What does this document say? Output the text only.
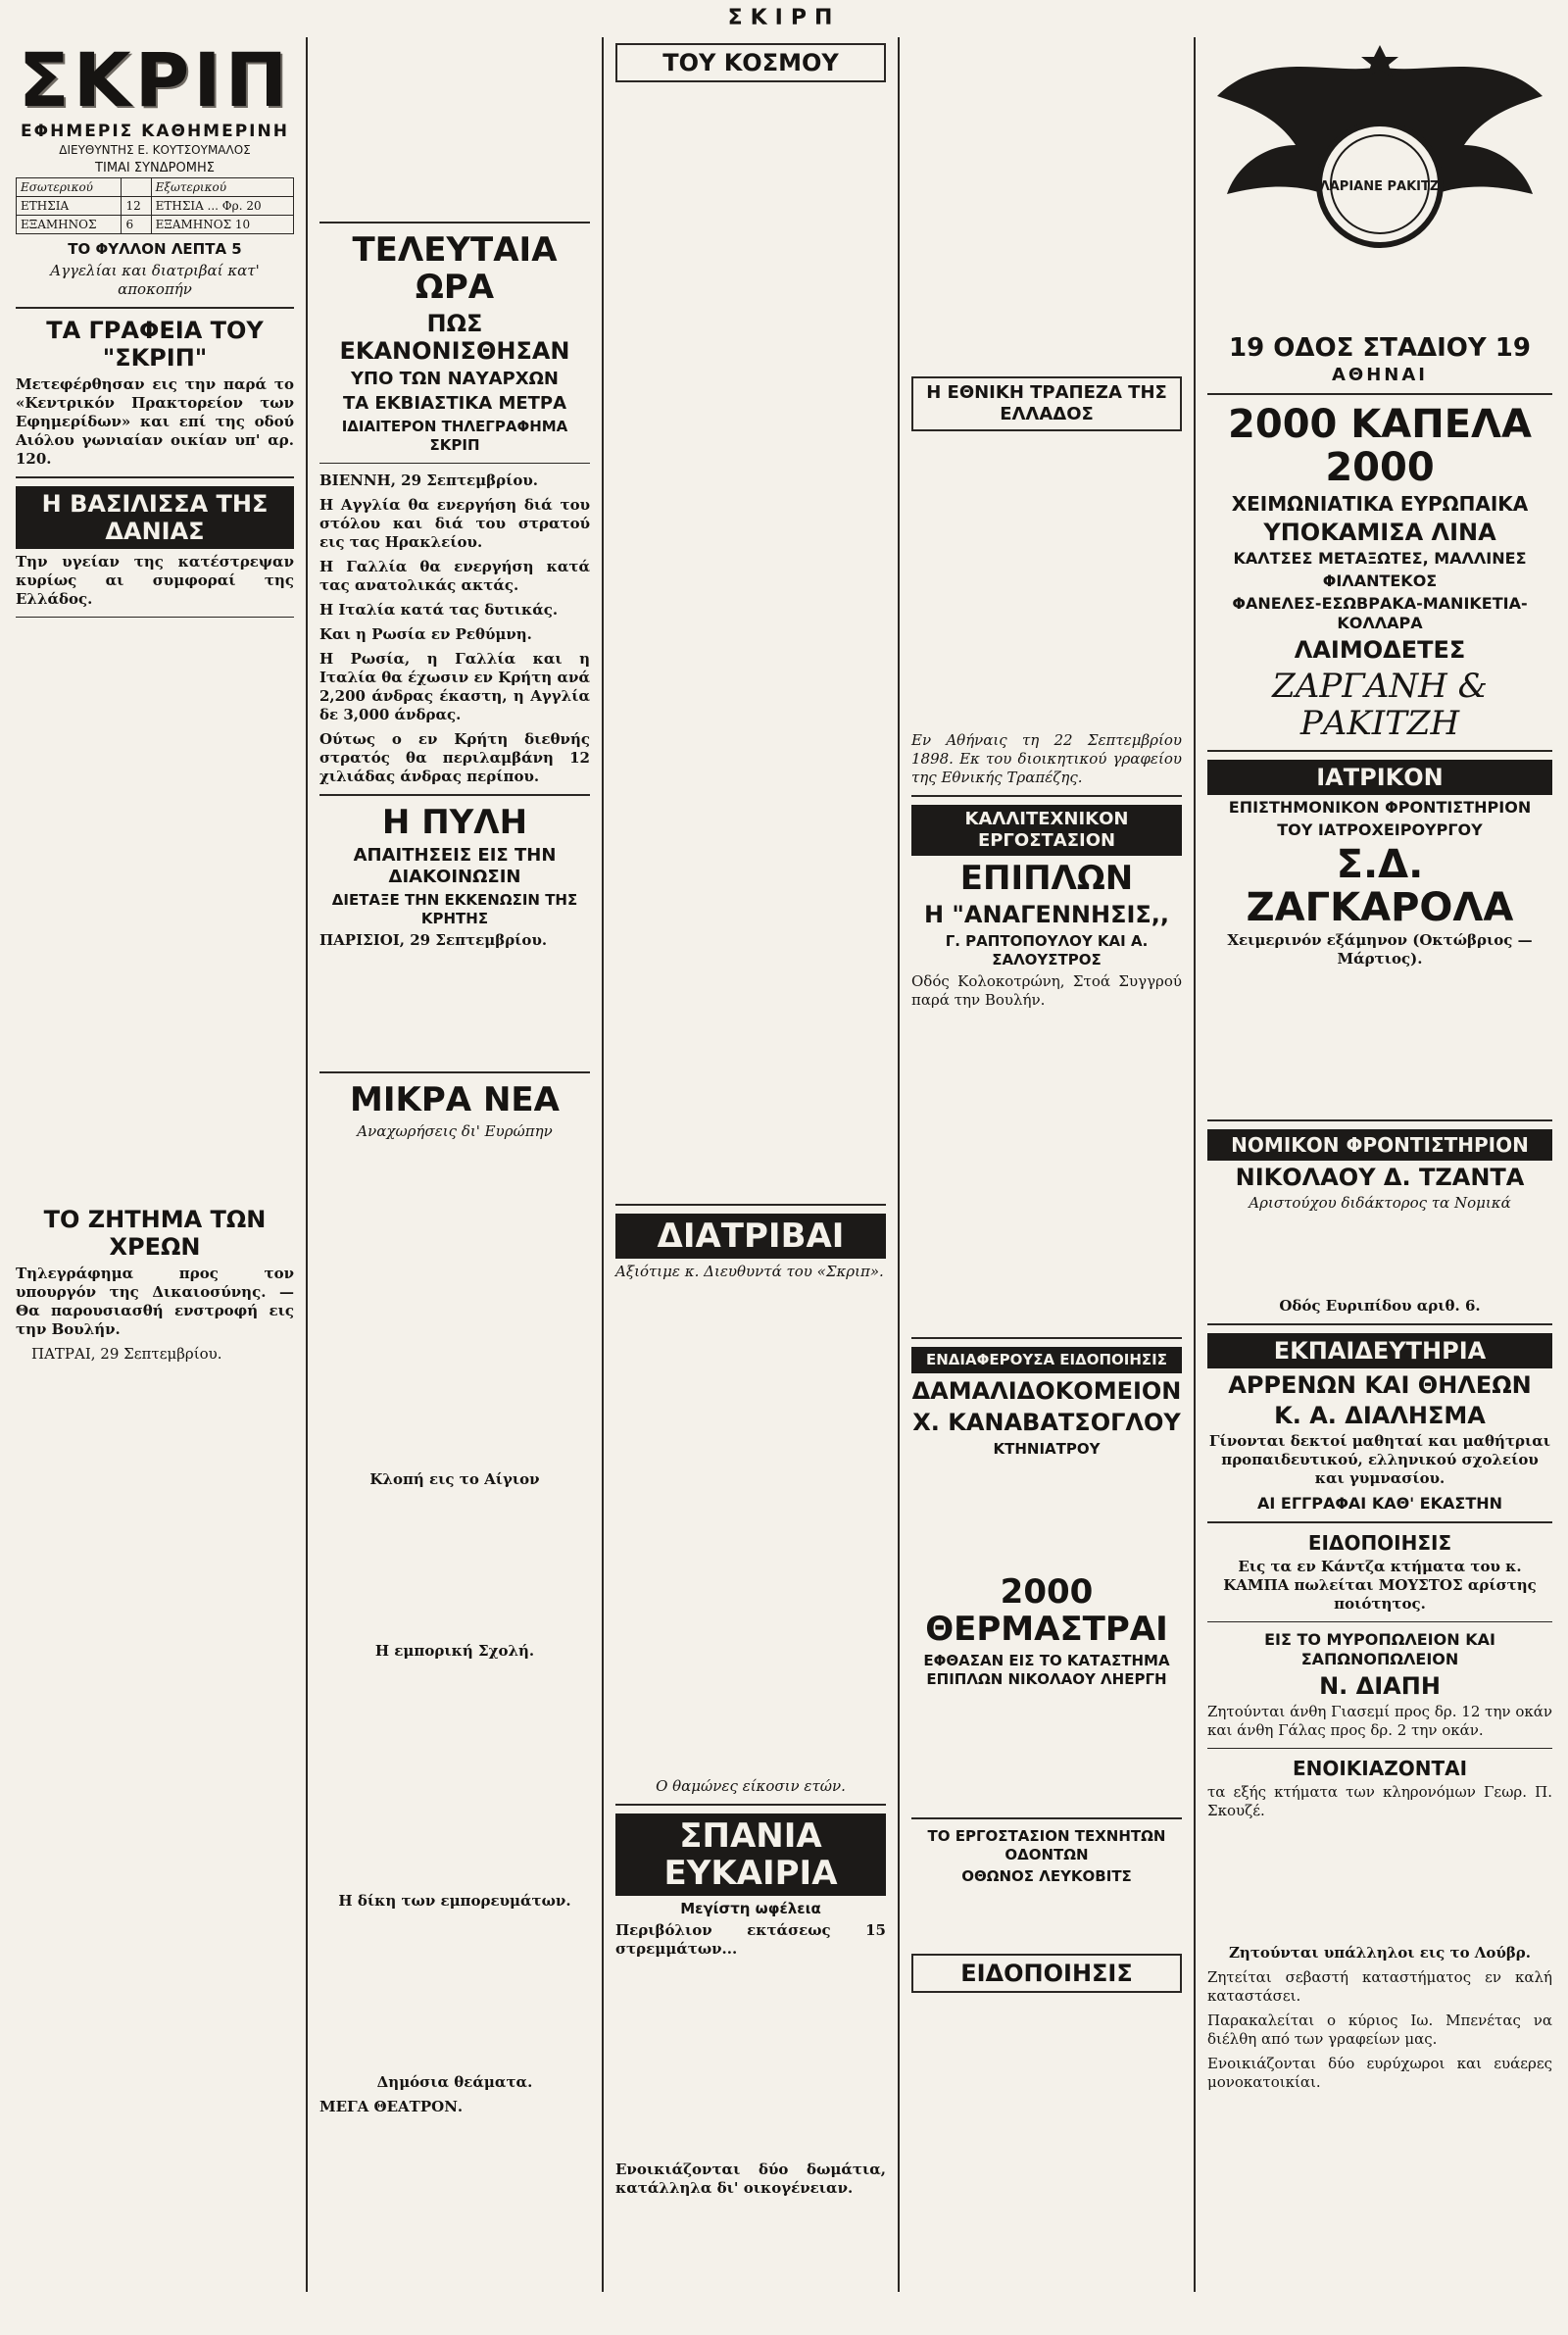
ΣΚΙΡΠ
ΣΚΡΙΠ
ΕΦΗΜΕΡΙΣ ΚΑΘΗΜΕΡΙΝΗ
ΔΙΕΥΘΥΝΤΗΣ Ε. ΚΟΥΤΣΟΥΜΑΛΟΣ
ΤΙΜΑΙ ΣΥΝΔΡΟΜΗΣ
Εσωτερικού		Εξωτερικού
ΕΤΗΣΙΑ	12	ΕΤΗΣΙΑ ... Φρ. 20
ΕΞΑΜΗΝΟΣ	6	ΕΞΑΜΗΝΟΣ 10
ΤΟ ΦΥΛΛΟΝ ΛΕΠΤΑ 5
Αγγελίαι και διατριβαί κατ' αποκοπήν
ΤΑ ΓΡΑΦΕΙΑ ΤΟΥ "ΣΚΡΙΠ"
Μετεφέρθησαν εις την παρά το «Κεντρικόν Πρακτορείον των Εφημερίδων» και επί της οδού Αιόλου γωνιαίαν οικίαν υπ' αρ. 120.
Η ΒΑΣΙΛΙΣΣΑ ΤΗΣ ΔΑΝΙΑΣ
Την υγείαν της κατέστρεψαν κυρίως αι συμφοραί της Ελλάδος.
ΤΟ ΖΗΤΗΜΑ ΤΩΝ ΧΡΕΩΝ
Τηλεγράφημα προς τον υπουργόν της Δικαιοσύνης. — Θα παρουσιασθή ενστροφή εις την Βουλήν.
ΠΑΤΡΑΙ, 29 Σεπτεμβρίου.
ΤΕΛΕΥΤΑΙΑ ΩΡΑ
ΠΩΣ ΕΚΑΝΟΝΙΣΘΗΣΑΝ
ΥΠΟ ΤΩΝ ΝΑΥΑΡΧΩΝ
ΤΑ ΕΚΒΙΑΣΤΙΚΑ ΜΕΤΡΑ
ΙΔΙΑΙΤΕΡΟΝ ΤΗΛΕΓΡΑΦΗΜΑ ΣΚΡΙΠ
ΒΙΕΝΝΗ, 29 Σεπτεμβρίου.
Η Αγγλία θα ενεργήση διά του στόλου και διά του στρατού εις τας Ηρακλείου.
Η Γαλλία θα ενεργήση κατά τας ανατολικάς ακτάς.
Η Ιταλία κατά τας δυτικάς.
Και η Ρωσία εν Ρεθύμνη.
Η Ρωσία, η Γαλλία και η Ιταλία θα έχωσιν εν Κρήτη ανά 2,200 άνδρας έκαστη, η Αγγλία δε 3,000 άνδρας.
Ούτως ο εν Κρήτη διεθνής στρατός θα περιλαμβάνη 12 χιλιάδας άνδρας περίπου.
Η ΠΥΛΗ
ΑΠΑΙΤΗΣΕΙΣ ΕΙΣ ΤΗΝ ΔΙΑΚΟΙΝΩΣΙΝ
ΔΙΕΤΑΞΕ ΤΗΝ ΕΚΚΕΝΩΣΙΝ ΤΗΣ ΚΡΗΤΗΣ
ΠΑΡΙΣΙΟΙ, 29 Σεπτεμβρίου.
ΜΙΚΡΑ ΝΕΑ
Αναχωρήσεις δι' Ευρώπην
Κλοπή εις το Αίγιον
Η εμπορική Σχολή.
Η δίκη των εμπορευμάτων.
Δημόσια θεάματα.
ΜΕΓΑ ΘΕΑΤΡΟΝ.
ΤΟΥ ΚΟΣΜΟΥ
ΔΙΑΤΡΙΒΑΙ
Αξιότιμε κ. Διευθυντά του «Σκριπ».
Ο θαμώνες είκοσιν ετών.
ΣΠΑΝΙΑ ΕΥΚΑΙΡΙΑ
Μεγίστη ωφέλεια
Περιβόλιον εκτάσεως 15 στρεμμάτων...
Ενοικιάζονται δύο δωμάτια, κατάλληλα δι' οικογένειαν.
Η ΕΘΝΙΚΗ ΤΡΑΠΕΖΑ ΤΗΣ ΕΛΛΑΔΟΣ
Εν Αθήναις τη 22 Σεπτεμβρίου 1898. Εκ του διοικητικού γραφείου της Εθνικής Τραπέζης.
ΚΑΛΛΙΤΕΧΝΙΚΟΝ ΕΡΓΟΣΤΑΣΙΟΝ
ΕΠΙΠΛΩΝ
Η "ΑΝΑΓΕΝΝΗΣΙΣ,,
Γ. ΡΑΠΤΟΠΟΥΛΟΥ ΚΑΙ Α. ΣΑΛΟΥΣΤΡΟΣ
Οδός Κολοκοτρώνη, Στοά Συγγρού παρά την Βουλήν.
ΕΝΔΙΑΦΕΡΟΥΣΑ ΕΙΔΟΠΟΙΗΣΙΣ
ΔΑΜΑΛΙΔΟΚΟΜΕΙΟΝ
Χ. ΚΑΝΑΒΑΤΣΟΓΛΟΥ
ΚΤΗΝΙΑΤΡΟΥ
2000 ΘΕΡΜΑΣΤΡΑΙ
ΕΦΘΑΣΑΝ ΕΙΣ ΤΟ ΚΑΤΑΣΤΗΜΑ ΕΠΙΠΛΩΝ ΝΙΚΟΛΑΟΥ ΛΗΕΡΓΗ
ΤΟ ΕΡΓΟΣΤΑΣΙΟΝ ΤΕΧΝΗΤΩΝ ΟΔΟΝΤΩΝ
ΟΘΩΝΟΣ ΛΕΥΚΟΒΙΤΣ
ΕΙΔΟΠΟΙΗΣΙΣ
ΒΛΑΡΙΑΝΕ ΡΑΚΙΤΖΗ
19 ΟΔΟΣ ΣΤΑΔΙΟΥ 19
ΑΘΗΝΑΙ
2000 ΚΑΠΕΛΑ 2000
ΧΕΙΜΩΝΙΑΤΙΚΑ ΕΥΡΩΠΑΙΚΑ
ΥΠΟΚΑΜΙΣΑ ΛΙΝΑ
ΚΑΛΤΣΕΣ ΜΕΤΑΞΩΤΕΣ, ΜΑΛΛΙΝΕΣ
ΦΙΛΑΝΤΕΚΟΣ
ΦΑΝΕΛΕΣ-ΕΣΩΒΡΑΚΑ-ΜΑΝΙΚΕΤΙΑ-ΚΟΛΛΑΡΑ
ΛΑΙΜΟΔΕΤΕΣ
ΖΑΡΓΑΝΗ & ΡΑΚΙΤΖΗ
ΙΑΤΡΙΚΟΝ
ΕΠΙΣΤΗΜΟΝΙΚΟΝ ΦΡΟΝΤΙΣΤΗΡΙΟΝ
ΤΟΥ ΙΑΤΡΟΧΕΙΡΟΥΡΓΟΥ
Σ.Δ. ΖΑΓΚΑΡΟΛΑ
Χειμερινόν εξάμηνον (Οκτώβριος — Μάρτιος).
ΝΟΜΙΚΟΝ ΦΡΟΝΤΙΣΤΗΡΙΟΝ
ΝΙΚΟΛΑΟΥ Δ. ΤΖΑΝΤΑ
Αριστούχου διδάκτορος τα Νομικά
Οδός Ευριπίδου αριθ. 6.
ΕΚΠΑΙΔΕΥΤΗΡΙΑ
ΑΡΡΕΝΩΝ ΚΑΙ ΘΗΛΕΩΝ
Κ. Α. ΔΙΑΛΗΣΜΑ
Γίνονται δεκτοί μαθηταί και μαθήτριαι προπαιδευτικού, ελληνικού σχολείου και γυμνασίου.
ΑΙ ΕΓΓΡΑΦΑΙ ΚΑΘ' ΕΚΑΣΤΗΝ
ΕΙΔΟΠΟΙΗΣΙΣ
Εις τα εν Κάντζα κτήματα του κ. ΚΑΜΠΑ πωλείται ΜΟΥΣΤΟΣ αρίστης ποιότητος.
ΕΙΣ ΤΟ ΜΥΡΟΠΩΛΕΙΟΝ ΚΑΙ ΣΑΠΩΝΟΠΩΛΕΙΟΝ
Ν. ΔΙΑΠΗ
Ζητούνται άνθη Γιασεμί προς δρ. 12 την οκάν και άνθη Γάλας προς δρ. 2 την οκάν.
ΕΝΟΙΚΙΑΖΟΝΤΑΙ
τα εξής κτήματα των κληρονόμων Γεωρ. Π. Σκουζέ.
Ζητούνται υπάλληλοι εις το Λούβρ.
Ζητείται σεβαστή καταστήματος εν καλή καταστάσει.
Παρακαλείται ο κύριος Ιω. Μπενέτας να διέλθη από των γραφείων μας.
Ενοικιάζονται δύο ευρύχωροι και ευάερες μονοκατοικίαι.
